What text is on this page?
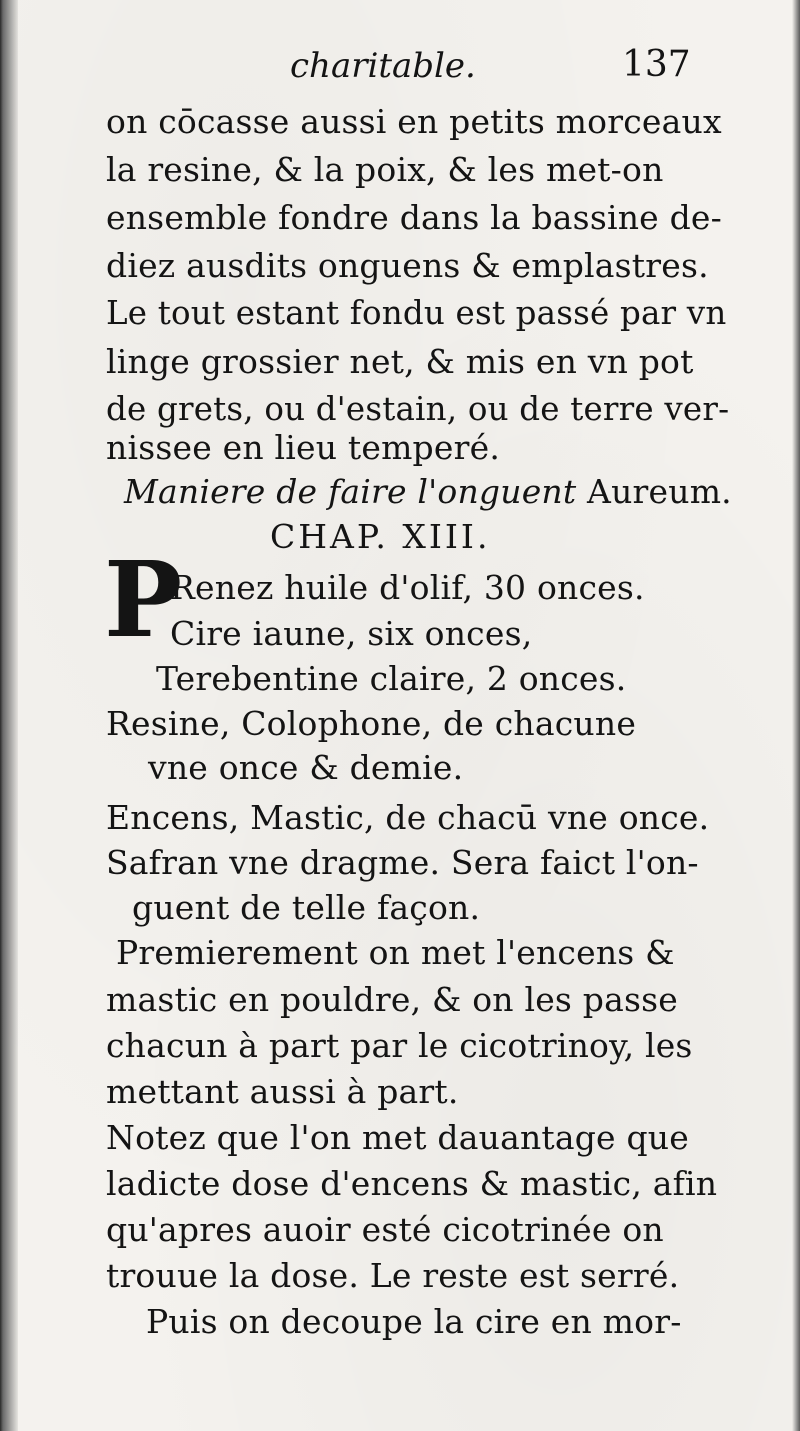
charitable.	137
on cōcasse aussi en petits morceaux
la resine, & la poix, & les met-on
ensemble fondre dans la bassine de-
diez ausdits onguens & emplastres.
Le tout estant fondu est passé par vn
linge grossier net, & mis en vn pot
de grets, ou d'estain, ou de terre ver-
nissee en lieu temperé.
Maniere de faire l'onguent Aureum.
CHAP. XIII.
P
Renez huile d'olif, 30 onces.
Cire iaune, six onces,
Terebentine claire, 2 onces.
Resine, Colophone, de chacune
vne once & demie.
Encens, Mastic, de chacū vne once.
Safran vne dragme. Sera faict l'on-
guent de telle façon.
Premierement on met l'encens &
mastic en pouldre, & on les passe
chacun à part par le cicotrinoy, les
mettant aussi à part.
Notez que l'on met dauantage que
ladicte dose d'encens & mastic, afin
qu'apres auoir esté cicotrinée on
trouue la dose. Le reste est serré.
Puis on decoupe la cire en mor-
